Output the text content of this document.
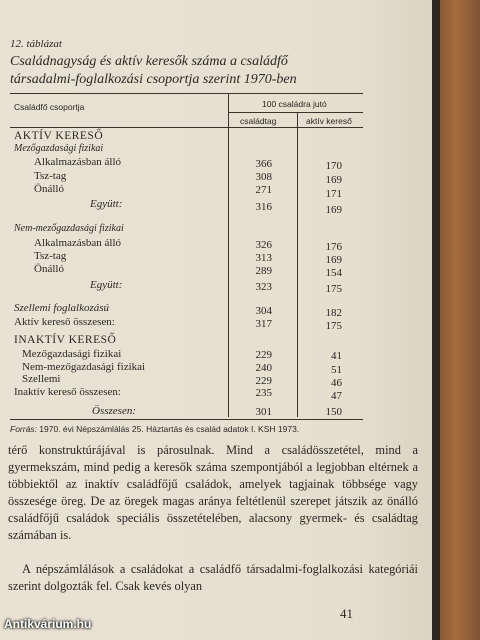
12. táblázat
Családnagyság és aktív keresők száma a családfő
társadalmi-foglalkozási csoportja szerint 1970-ben
Családfő csoportja	100 családra jutó
családtag	aktív kereső
AKTÍV KERESŐ
Mezőgazdasági fizikai
Alkalmazásban álló	366	170
Tsz-tag	308	169
Önálló	271	171
Együtt:	316	169
Nem-mezőgazdasági fizikai
Alkalmazásban álló	326	176
Tsz-tag	313	169
Önálló	289	154
Együtt:	323	175
Szellemi foglalkozású	304	182
Aktív kereső összesen:	317	175
INAKTÍV KERESŐ
Mezőgazdasági fizikai	229	41
Nem-mezőgazdasági fizikai	240	51
Szellemi	229	46
Inaktív kereső összesen:	235	47
Összesen:	301	150
Forrás: 1970. évi Népszámlálás 25. Háztartás és család adatok I. KSH 1973.
térő konstruktúrájával is párosulnak. Mind a családösszetétel, mind a gyermekszám, mind pedig a keresők száma szempontjából a legjobban eltérnek a többiektől az inaktív családfőjű családok, amelyek tagjainak többsége vagy összesége öreg. De az öregek magas aránya feltétlenül szerepet játszik az önálló családfőjű családok speciális összetételében, alacsony gyermek- és családtag számában is.
A népszámlálások a családokat a családfő társadalmi-foglalkozási kategóriái szerint dolgozták fel. Csak kevés olyan
41
Antikvárium.hu
